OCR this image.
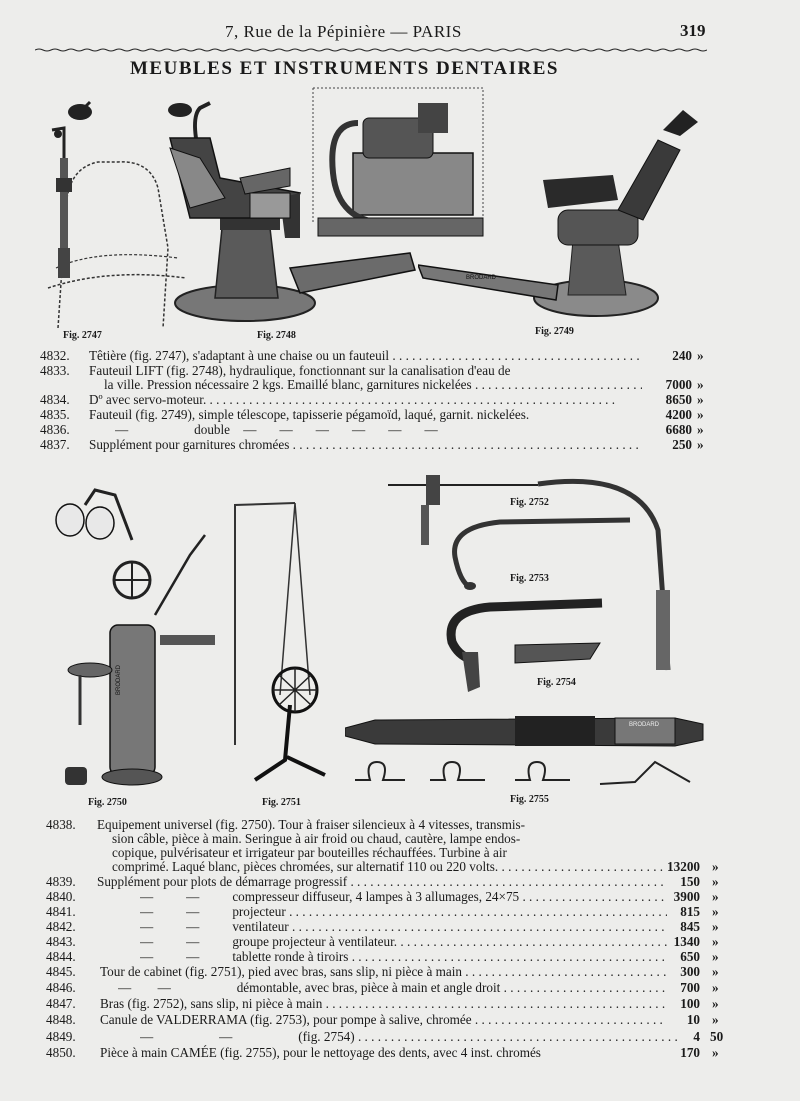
7, Rue de la Pépinière — PARIS	319
MEUBLES ET INSTRUMENTS DENTAIRES
Fig. 2747	Fig. 2748
BRODARD
Fig. 2749
4832. Têtière (fig. 2747), s'adaptant à une chaise ou un fauteuil . . .	240 »
4833. Fauteuil LIFT (fig. 2748), hydraulique, fonctionnant sur la canalisation d'eau de
la ville. Pression nécessaire 2 kgs. Emaillé blanc, garnitures nickelées . . .	7000 »
4834. Dº avec servo-moteur. . . .	8650 »
4835. Fauteuil (fig. 2749), simple télescope, tapisserie pégamoïd, laqué, garnit. nickelées.	4200 »
4836.	—                    double    —       —       —       —       —       —	6680 »
4837. Supplément pour garnitures chromées . . .	250 »
BRODARD
Fig. 2750	Fig. 2751
Fig. 2752
Fig. 2753
Fig. 2754
BRODARD
Fig. 2755
4838. Equipement universel (fig. 2750). Tour à fraiser silencieux à 4 vitesses, transmis-
sion câble, pièce à main. Seringue à air froid ou chaud, cautère, lampe endos-
copique, pulvérisateur et irrigateur par bouteilles réchauffées. Turbine à air
comprimé. Laqué blanc, pièces chromées, sur alternatif 110 ou 220 volts. . . .	13200 »
4839. Supplément pour plots de démarrage progressif . . .	150 »
4840.	—          —          compresseur diffuseur, 4 lampes à 3 allumages, 24×75 . . .	3900 »
4841.	—          —          projecteur . . .	815 »
4842.	—          —          ventilateur . . .	845 »
4843.	—          —          groupe projecteur à ventilateur. . . .	1340 »
4844.	—          —          tablette ronde à tiroirs . . .	650 »
4845. Tour de cabinet (fig. 2751), pied avec bras, sans slip, ni pièce à main . . .	300 »
4846.	—        —                    démontable, avec bras, pièce à main et angle droit . . .	700 »
4847. Bras (fig. 2752), sans slip, ni pièce à main . . .	100 »
4848. Canule de VALDERRAMA (fig. 2753), pour pompe à salive, chromée . . .	10 »
4849.	—                    —                    (fig. 2754) . . .	4 50
4850. Pièce à main CAMÉE (fig. 2755), pour le nettoyage des dents, avec 4 inst. chromés	170 »
